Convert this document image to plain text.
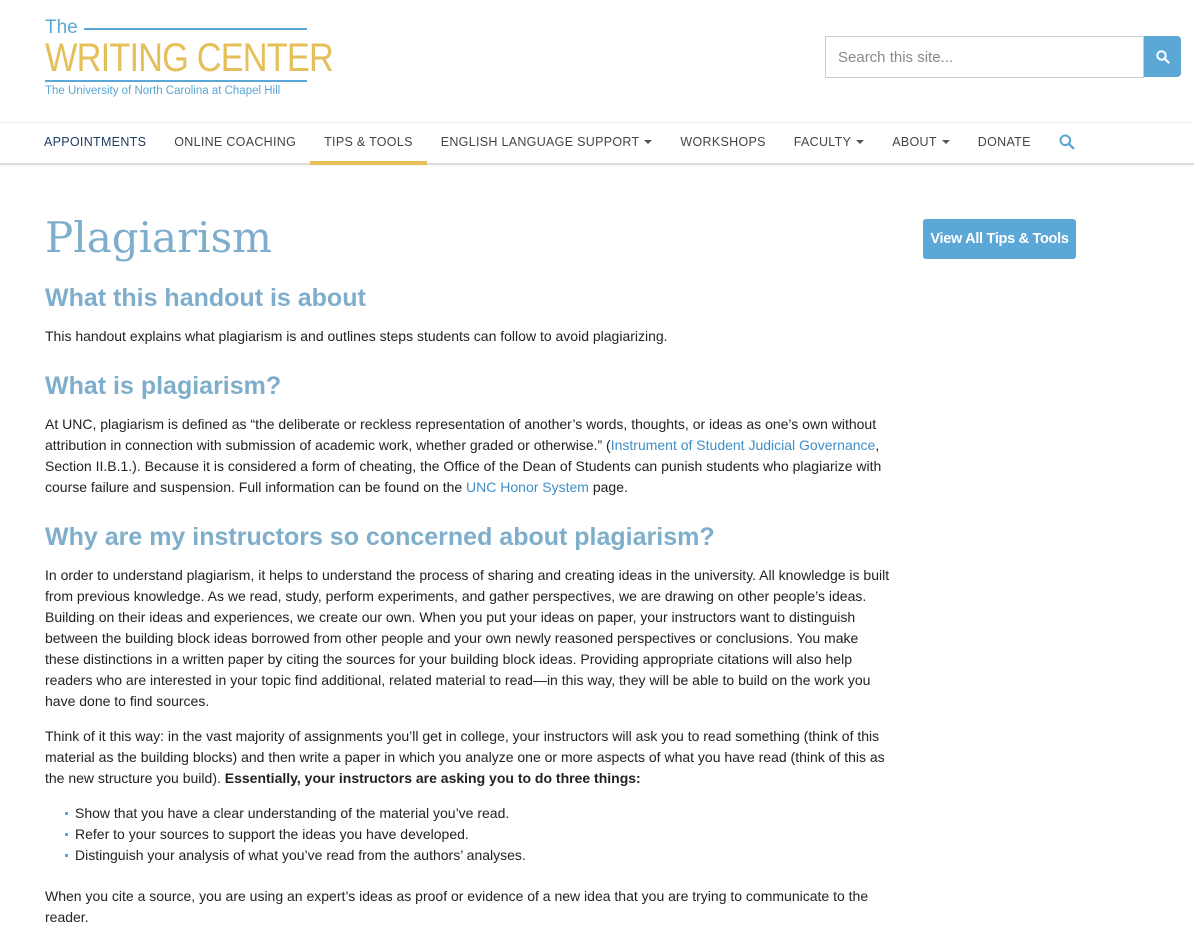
The
WRITING CENTER
The University of North Carolina at Chapel Hill
Search this site...
APPOINTMENTS ONLINE COACHING TIPS & TOOLS ENGLISH LANGUAGE SUPPORT	WORKSHOPS FACULTY	ABOUT	DONATE
View All Tips & Tools
Plagiarism
What this handout is about

This handout explains what plagiarism is and outlines steps students can follow to avoid plagiarizing.

What is plagiarism?

At UNC, plagiarism is defined as “the deliberate or reckless representation of another’s words, thoughts, or ideas as one’s own without attribution in connection with submission of academic work, whether graded or otherwise.” (Instrument of Student Judicial Governance, Section II.B.1.). Because it is considered a form of cheating, the Office of the Dean of Students can punish students who plagiarize with course failure and suspension. Full information can be found on the UNC Honor System page.

Why are my instructors so concerned about plagiarism?

In order to understand plagiarism, it helps to understand the process of sharing and creating ideas in the university. All knowledge is built from previous knowledge. As we read, study, perform experiments, and gather perspectives, we are drawing on other people’s ideas. Building on their ideas and experiences, we create our own. When you put your ideas on paper, your instructors want to distinguish between the building block ideas borrowed from other people and your own newly reasoned perspectives or conclusions. You make these distinctions in a written paper by citing the sources for your building block ideas. Providing appropriate citations will also help readers who are interested in your topic find additional, related material to read—in this way, they will be able to build on the work you have done to find sources.

Think of it this way: in the vast majority of assignments you’ll get in college, your instructors will ask you to read something (think of this material as the building blocks) and then write a paper in which you analyze one or more aspects of what you have read (think of this as the new structure you build). Essentially, your instructors are asking you to do three things:

Show that you have a clear understanding of the material you’ve read.
Refer to your sources to support the ideas you have developed.
Distinguish your analysis of what you’ve read from the authors’ analyses.

When you cite a source, you are using an expert’s ideas as proof or evidence of a new idea that you are trying to communicate to the reader.
